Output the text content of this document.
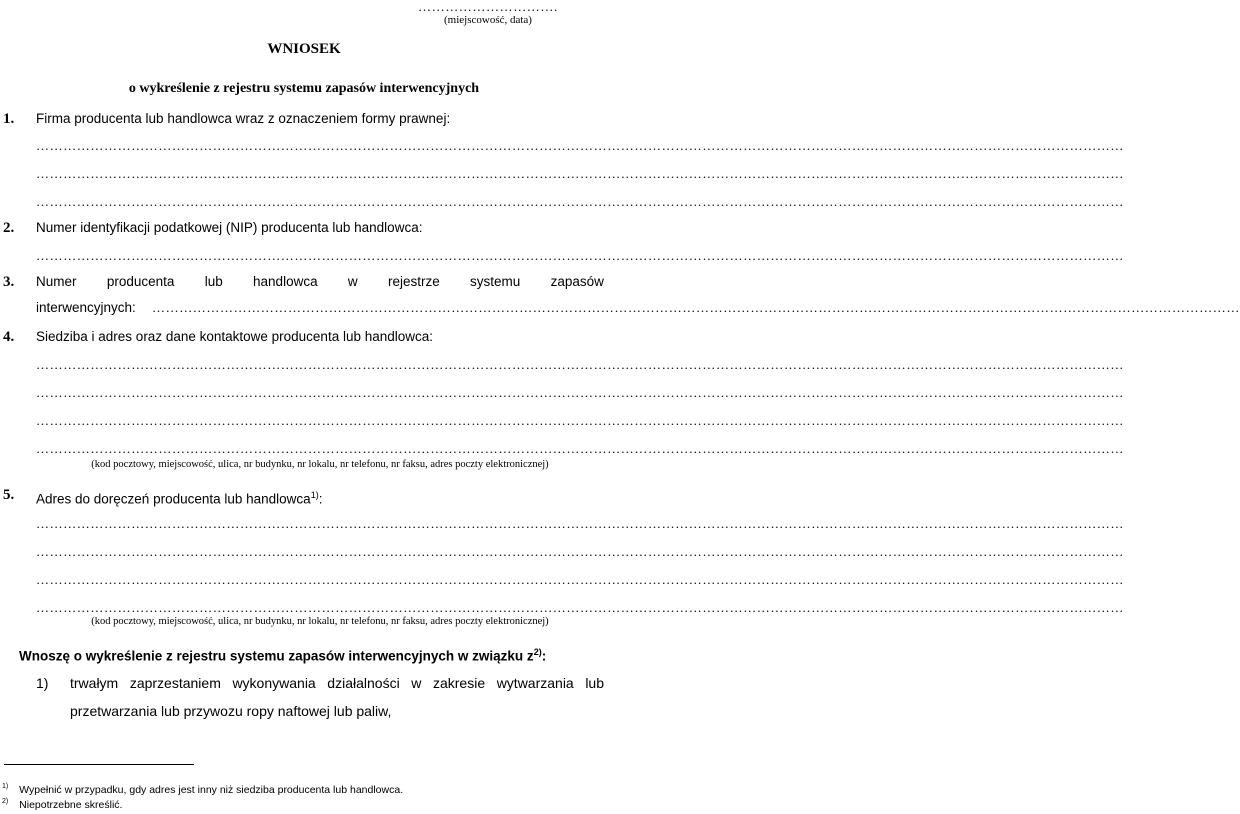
………………………….
(miejscowość, data)
WNIOSEK
o wykreślenie z rejestru systemu zapasów interwencyjnych
1. Firma producenta lub handlowca wraz z oznaczeniem formy prawnej:
……………………………………………………………………………………………………………………………………………………………………………………………………………………
……………………………………………………………………………………………………………………………………………………………………………………………………………………
……………………………………………………………………………………………………………………………………………………………………………………………………………………
2. Numer identyfikacji podatkowej (NIP) producenta lub handlowca:
……………………………………………………………………………………………………………………………………………………………………………………………………………………
3. Numer producenta lub handlowca w rejestrze systemu zapasów
interwencyjnych: ……………………………………………………………………………………………………………………………………………………………………………………………………………………
4. Siedziba i adres oraz dane kontaktowe producenta lub handlowca:
……………………………………………………………………………………………………………………………………………………………………………………………………………………
……………………………………………………………………………………………………………………………………………………………………………………………………………………
……………………………………………………………………………………………………………………………………………………………………………………………………………………
……………………………………………………………………………………………………………………………………………………………………………………………………………………
(kod pocztowy, miejscowość, ulica, nr budynku, nr lokalu, nr telefonu, nr faksu, adres poczty elektronicznej)
5. Adres do doręczeń producenta lub handlowca$^{1)}$:
……………………………………………………………………………………………………………………………………………………………………………………………………………………
……………………………………………………………………………………………………………………………………………………………………………………………………………………
……………………………………………………………………………………………………………………………………………………………………………………………………………………
……………………………………………………………………………………………………………………………………………………………………………………………………………………
(kod pocztowy, miejscowość, ulica, nr budynku, nr lokalu, nr telefonu, nr faksu, adres poczty elektronicznej)
Wnoszę o wykreślenie z rejestru systemu zapasów interwencyjnych w związku $z^{2)}$:
1) trwałym zaprzestaniem wykonywania działalności w zakresie wytwarzania lub
przetwarzania lub przywozu ropy naftowej lub paliw,
$^{1)}$ Wypełnić w przypadku, gdy adres jest inny niż siedziba producenta lub handlowca.
$^{2)}$ Niepotrzebne skreślić.
